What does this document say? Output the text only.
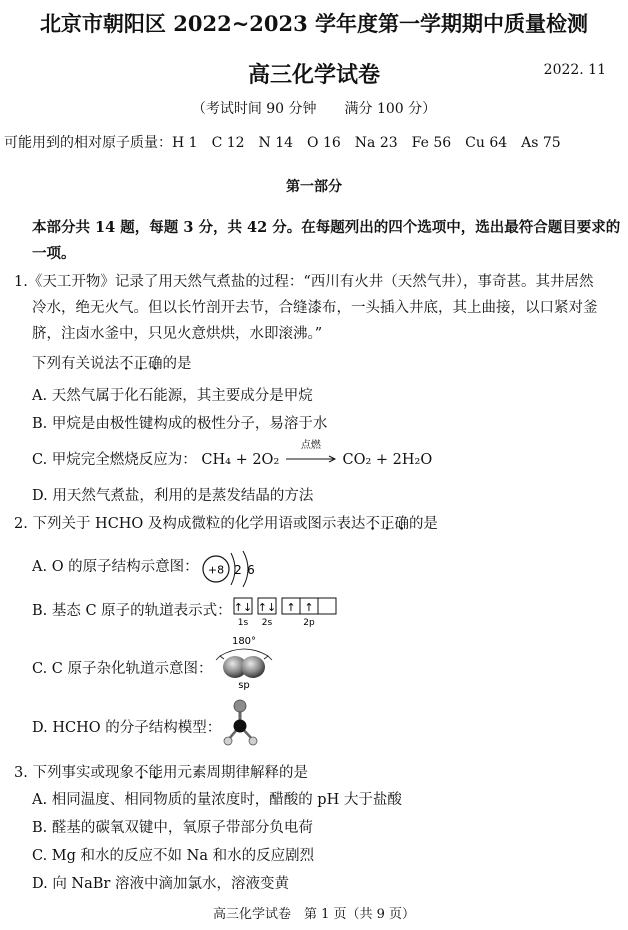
北京市朝阳区 2022~2023 学年度第一学期期中质量检测
高三化学试卷	2022. 11
（考试时间 90 分钟　　满分 100 分）
可能用到的相对原子质量：H 1　C 12　N 14　O 16　Na 23　Fe 56　Cu 64　As 75
第一部分
本部分共 14 题，每题 3 分，共 42 分。在每题列出的四个选项中，选出最符合题目要求的一项。
1.《天工开物》记录了用天然气煮盐的过程：“西川有火井（天然气井），事奇甚。其井居然
冷水，绝无火气。但以长竹剖开去节，合缝漆布，一头插入井底，其上曲接，以口紧对釜
脐，注卤水釜中，只见火意烘烘，水即滚沸。”
下列有关说法不正确的是
A. 天然气属于化石能源，其主要成分是甲烷
B. 甲烷是由极性键构成的极性分子，易溶于水
C. 甲烷完全燃烧反应为： CH₄ + 2O₂
点燃
CO₂ + 2H₂O
D. 用天然气煮盐，利用的是蒸发结晶的方法
2. 下列关于 HCHO 及构成微粒的化学用语或图示表达不正确的是
A. O 的原子结构示意图： +8 2 6
B. 基态 C 原子的轨道表示式： ↑↓ ↑↓ ↑ ↑
1s 2s	2p
C. C 原子杂化轨道示意图：
180°
sp
D. HCHO 的分子结构模型：
3. 下列事实或现象不能用元素周期律解释的是
A. 相同温度、相同物质的量浓度时，醋酸的 pH 大于盐酸
B. 醛基的碳氧双键中，氧原子带部分负电荷
C. Mg 和水的反应不如 Na 和水的反应剧烈
D. 向 NaBr 溶液中滴加氯水，溶液变黄
高三化学试卷　第 1 页（共 9 页）
